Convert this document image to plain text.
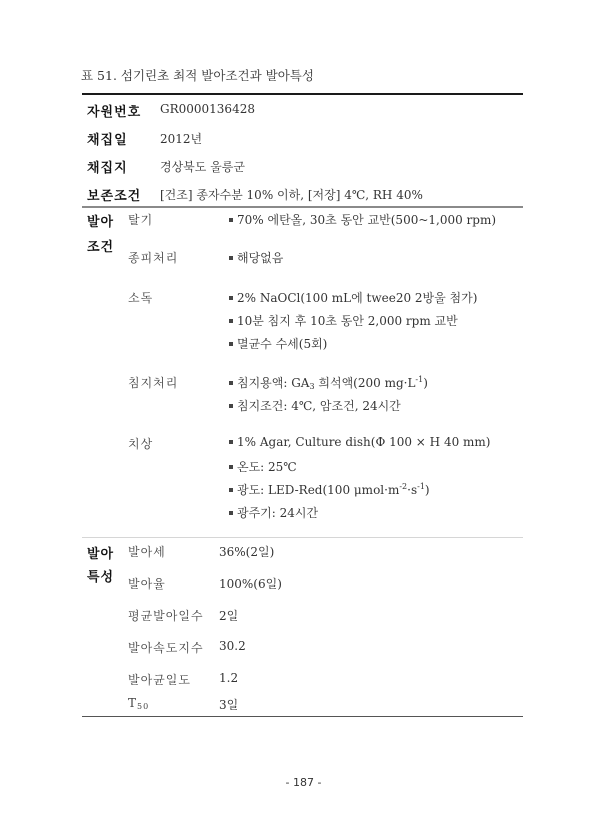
표 51. 섬기린초 최적 발아조건과 발아특성
자원번호 GR0000136428
채집일	2012년
채집지	경상북도 울릉군
보존조건 [건조] 종자수분 10% 이하, [저장] 4℃, RH 40%
발아
조건
탈기	70% 에탄올, 30초 동안 교반(500~1,000 rpm)
종피처리	해당없음
소독	2% NaOCl(100 mL에 twee20 2방울 첨가)
10분 침지 후 10초 동안 2,000 rpm 교반
멸균수 수세(5회)
침지처리	침지용액: GA3 희석액(200 $mg\cdot L^{-1}$)
침지조건: 4℃, 암조건, 24시간
치상	1% Agar, Culture dish(Φ 100 × H 40 mm)
온도: 25℃
광도: LED-Red(100 $\mu mol\cdot m^{-2}\cdot s^{-1}$)
광주기: 24시간
발아
특성
발아세	36%(2일)
발아율	100%(6일)
평균발아일수 2일
발아속도지수 30.2
발아균일도 1.2
T50	3일
- 187 -
